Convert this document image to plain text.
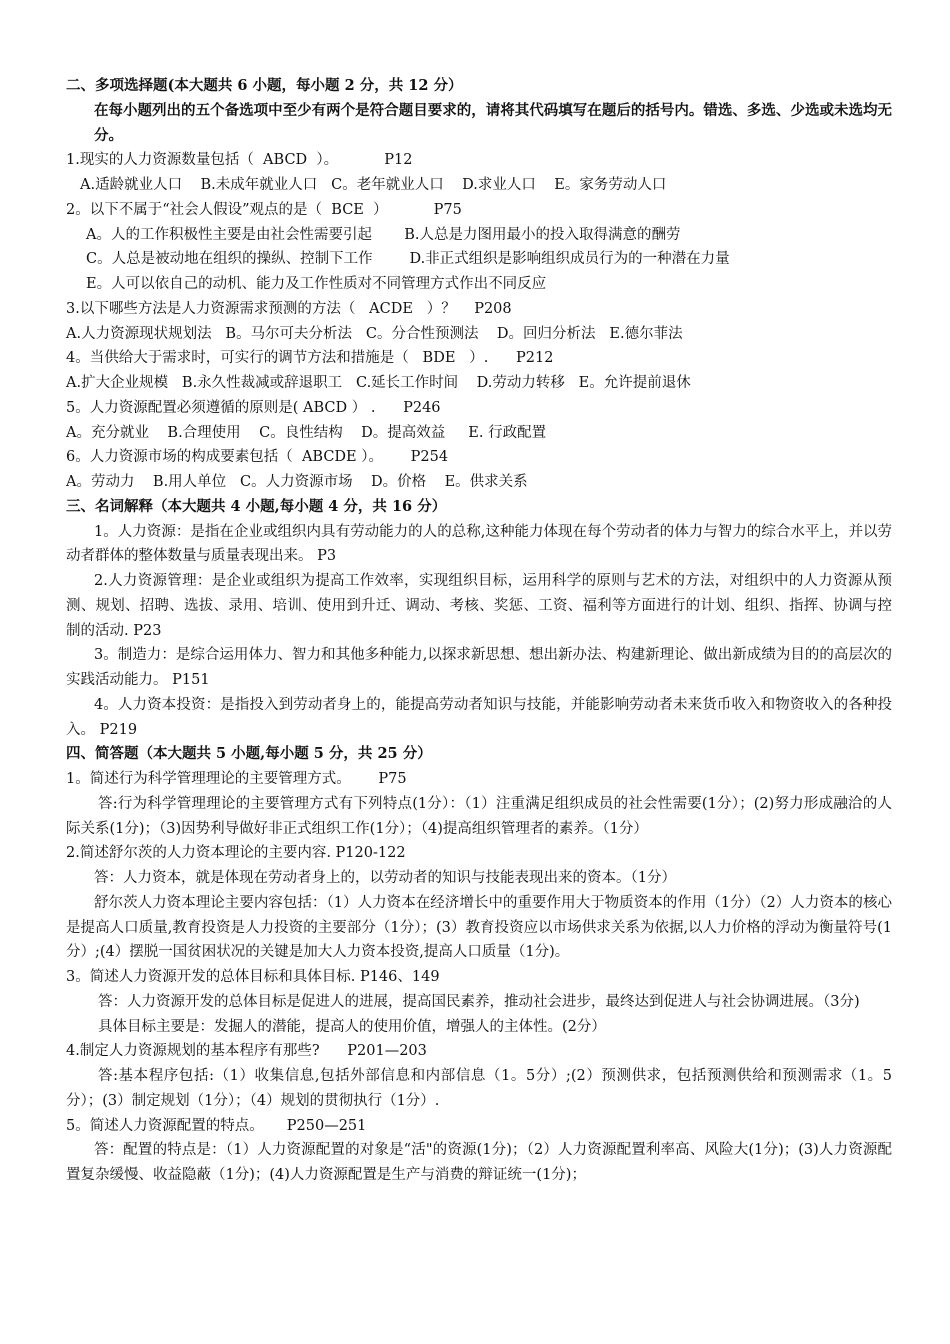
二、多项选择题(本大题共 6 小题，每小题 2 分，共 12 分）
在每小题列出的五个备选项中至少有两个是符合题目要求的，请将其代码填写在题后的括号内。错选、多选、少选或未选均无分。
1.现实的人力资源数量包括（  ABCD  ）。          P12
A.适龄就业人口    B.未成年就业人口   C。老年就业人口    D.求业人口    E。家务劳动人口
2。以下不属于“社会人假设”观点的是（  BCE  ）          P75
A。人的工作积极性主要是由社会性需要引起       B.人总是力图用最小的投入取得满意的酬劳
C。人总是被动地在组织的操纵、控制下工作        D.非正式组织是影响组织成员行为的一种潜在力量
E。人可以依自己的动机、能力及工作性质对不同管理方式作出不同反应
3.以下哪些方法是人力资源需求预测的方法（   ACDE   ）？    P208
A.人力资源现状规划法   B。马尔可夫分析法   C。分合性预测法    D。回归分析法   E.德尔菲法
4。当供给大于需求时，可实行的调节方法和措施是（   BDE   ）.      P212
A.扩大企业规模   B.永久性裁减或辞退职工   C.延长工作时间    D.劳动力转移   E。允许提前退休
5。人力资源配置必须遵循的原则是( ABCD ） .      P246
A。充分就业    B.合理使用    C。良性结构    D。提高效益     E. 行政配置
6。人力资源市场的构成要素包括（  ABCDE ）。      P254
A。劳动力    B.用人单位   C。人力资源市场    D。价格    E。供求关系
三、名词解释（本大题共 4 小题,每小题 4 分，共 16 分）
1。人力资源：是指在企业或组织内具有劳动能力的人的总称,这种能力体现在每个劳动者的体力与智力的综合水平上，并以劳动者群体的整体数量与质量表现出来。 P3
2.人力资源管理：是企业或组织为提高工作效率，实现组织目标，运用科学的原则与艺术的方法，对组织中的人力资源从预测、规划、招聘、选拔、录用、培训、使用到升迁、调动、考核、奖惩、工资、福利等方面进行的计划、组织、指挥、协调与控制的活动. P23
3。制造力：是综合运用体力、智力和其他多种能力,以探求新思想、想出新办法、构建新理论、做出新成绩为目的的高层次的实践活动能力。 P151
4。人力资本投资：是指投入到劳动者身上的，能提高劳动者知识与技能，并能影响劳动者未来货币收入和物资收入的各种投入。 P219
四、简答题（本大题共 5 小题,每小题 5 分，共 25 分）
1。简述行为科学管理理论的主要管理方式。      P75
答:行为科学管理理论的主要管理方式有下列特点(1分）：（1）注重满足组织成员的社会性需要(1分）；(2)努力形成融洽的人际关系(1分)；（3)因势利导做好非正式组织工作(1分）；（4)提高组织管理者的素养。（1分）
2.简述舒尔茨的人力资本理论的主要内容. P120-122
答：人力资本，就是体现在劳动者身上的，以劳动者的知识与技能表现出来的资本。（1分）
舒尔茨人力资本理论主要内容包括：（1）人力资本在经济增长中的重要作用大于物质资本的作用（1分）（2）人力资本的核心是提高人口质量,教育投资是人力投资的主要部分（1分）；(3）教育投资应以市场供求关系为依据,以人力价格的浮动为衡量符号(1分）;(4）摆脱一国贫困状况的关键是加大人力资本投资,提高人口质量（1分)。
3。简述人力资源开发的总体目标和具体目标. P146、149
答：人力资源开发的总体目标是促进人的进展，提高国民素养，推动社会进步，最终达到促进人与社会协调进展。（3分)
具体目标主要是：发掘人的潜能，提高人的使用价值，增强人的主体性。(2分）
4.制定人力资源规划的基本程序有那些?      P201—203
答:基本程序包括:（1）收集信息,包括外部信息和内部信息（1。5分）;(2）预测供求，包括预测供给和预测需求（1。5分）；(3）制定规划（1分）；（4）规划的贯彻执行（1分）.
5。简述人力资源配置的特点。     P250—251
答：配置的特点是：（1）人力资源配置的对象是“活"的资源(1分)；（2）人力资源配置利率高、风险大(1分)；(3)人力资源配置复杂缓慢、收益隐蔽（1分)；(4)人力资源配置是生产与消费的辩证统一(1分)；
